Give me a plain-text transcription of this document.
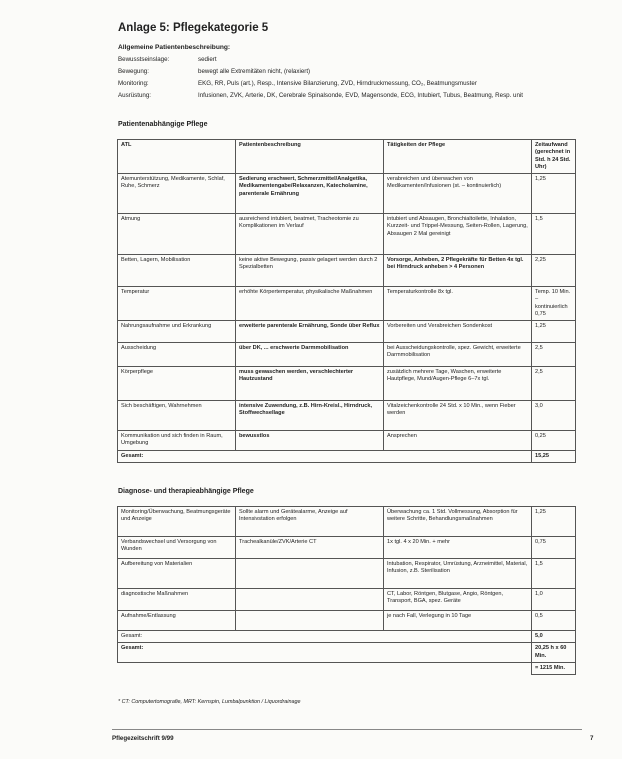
Anlage 5: Pflegekategorie 5
Allgemeine Patientenbeschreibung:
Bewusstseinslage:	sediert
Bewegung:	bewegt alle Extremitäten nicht, (relaxiert)
Monitoring:	EKG, RR, Puls (art.), Resp., Intensive Bilanzierung, ZVD, Hirndruckmessung, CO₂, Beatmungsmuster
Ausrüstung:	Infusionen, ZVK, Arterie, DK, Cerebrale Spinalsonde, EVD, Magensonde, ECG, Intubiert, Tubus, Beatmung, Resp. unit
Patientenabhängige Pflege
ATL	Patientenbeschreibung	Tätigkeiten der Pflege	Zeitaufwand (gerechnet in Std. h 24 Std. Uhr)
Atemunterstützung, Medikamente, Schlaf, Ruhe, Schmerz	Sedierung erschwert, Schmerzmittel/Analgetika, Medikamentengabe/Relaxanzen, Katecholamine, parenterale Ernährung	verabreichen und überwachen von Medikamenten/Infusionen (st. – kontinuierlich)	1,25
Atmung	ausreichend intubiert, beatmet, Tracheotomie zu Komplikationen im Verlauf	intubiert und Absaugen, Bronchialtoilette, Inhalation, Kurzzeit- und Trippel-Messung, Seiten-Rollen, Lagerung, Absaugen 2 Mal gereinigt	1,5
Betten, Lagern, Mobilisation	keine aktive Bewegung, passiv gelagert werden durch 2 Spezialbetten	Vorsorge, Anheben, 2 Pflegekräfte für Betten 4x tgl. bei Hirndruck anheben > 4 Personen	2,25
Temperatur	erhöhte Körpertemperatur, physikalische Maßnahmen	Temperaturkontrolle 8x tgl.	Temp. 10 Min. – kontinuierlich 0,75
Nahrungsaufnahme und Erkrankung	erweiterte parenterale Ernährung, Sonde über Reflux	Vorbereiten und Verabreichen Sondenkost	1,25
Ausscheidung	über DK, ... erschwerte Darmmobilisation	bei Ausscheidungskontrolle, spez. Gewicht, erweiterte Darmmobilisation	2,5
Körperpflege	muss gewaschen werden, verschlechterter Hautzustand	zusätzlich mehrere Tage, Waschen, erweiterte Hautpflege, Mund/Augen-Pflege 6–7x tgl.	2,5
Sich beschäftigen, Wahrnehmen	intensive Zuwendung, z.B. Hirn-Kreisl., Hirndruck, Stoffwechsellage	Vitalzeichenkontrolle 24 Std. x 10 Min., wenn Fieber werden	3,0
Kommunikation und sich finden in Raum, Umgebung	bewusstlos	Ansprechen	0,25
Gesamt:			15,25
Diagnose- und therapieabhängige Pflege
Monitoring/Überwachung, Beatmungsgeräte und Anzeige	Sollte alarm und Gerätealarme, Anzeige auf Intensivstation erfolgen	Überwachung ca. 1 Std. Vollmessung, Absorption für weitere Schritte, Behandlungsmaßnahmen	1,25
Verbandswechsel und Versorgung von Wunden	Trachealkanüle/ZVK/Arterie CT	1x tgl. 4 x 20 Min. + mehr	0,75
Aufbereitung von Materialien		Intubation, Respirator, Umrüstung, Arzneimittel, Material, Infusion, z.B. Sterilisation	1,5
diagnostische Maßnahmen		CT, Labor, Röntgen, Blutgase, Angio, Röntgen, Transport, BGA, spez. Geräte	1,0
Aufnahme/Entlassung		je nach Fall, Verlegung in 10 Tage	0,5
Gesamt:			5,0
Gesamt:			20,25 h x 60 Min.
			= 1215 Min.
* CT: Computertomografie, MRT: Kernspin, Lumbalpunktion / Liquordrainage
Pflegezeitschrift 9/99	7
